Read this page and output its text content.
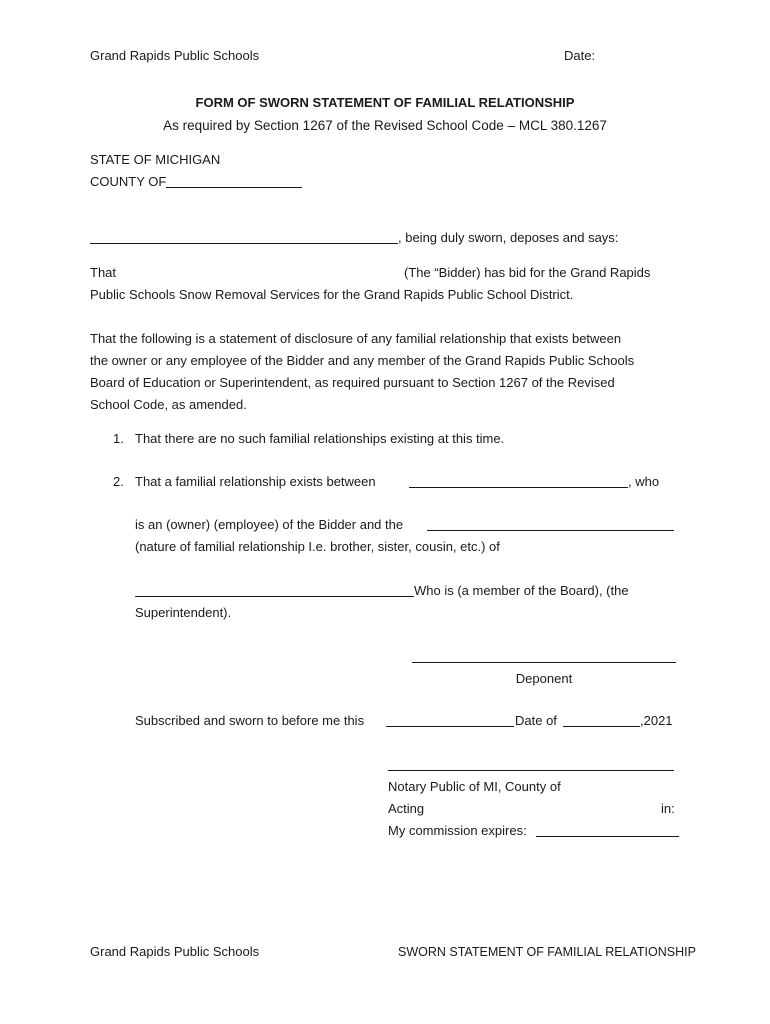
Grand Rapids Public Schools	Date:
FORM OF SWORN STATEMENT OF FAMILIAL RELATIONSHIP
As required by Section 1267 of the Revised School Code – MCL 380.1267
STATE OF MICHIGAN
COUNTY OF
, being duly sworn, deposes and says:
That	(The “Bidder) has bid for the Grand Rapids
Public Schools Snow Removal Services for the Grand Rapids Public School District.
That the following is a statement of disclosure of any familial relationship that exists between
the owner or any employee of the Bidder and any member of the Grand Rapids Public Schools
Board of Education or Superintendent, as required pursuant to Section 1267 of the Revised
School Code, as amended.
1. That there are no such familial relationships existing at this time.
2. That a familial relationship exists between	, who
is an (owner) (employee) of the Bidder and the
(nature of familial relationship I.e. brother, sister, cousin, etc.) of
Who is (a member of the Board), (the
Superintendent).
Deponent
Subscribed and sworn to before me this	Date of	,2021
Notary Public of MI, County of
Acting	in:
My commission expires:
Grand Rapids Public Schools	SWORN STATEMENT OF FAMILIAL RELATIONSHIP
